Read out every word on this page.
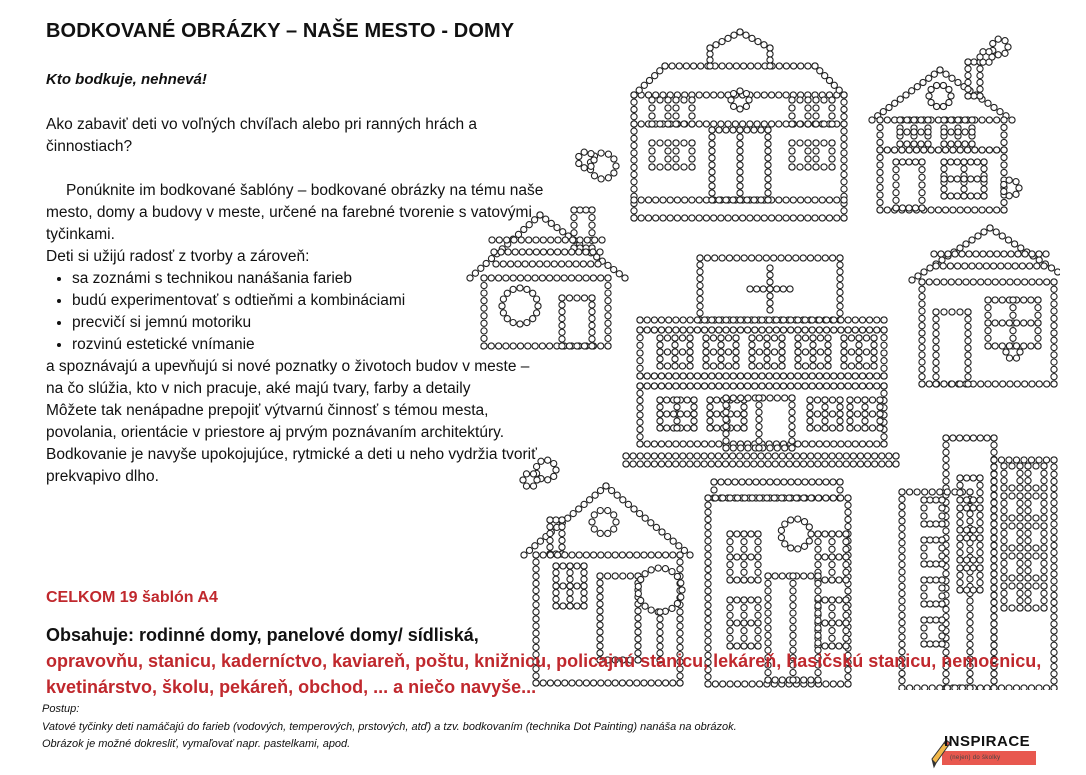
BODKOVANÉ OBRÁZKY – NAŠE MESTO - DOMY
Kto bodkuje, nehnevá!

Ako zabaviť deti vo voľných chvíľach alebo pri ranných hrách a činnostiach?

Ponúknite im bodkované šablóny – bodkované obrázky na tému naše mesto, domy a budovy v meste, určené na farebné tvorenie s vatovými tyčinkami.

Deti si užijú radosť z tvorby a zároveň:

• sa zoznámi s technikou nanášania farieb
• budú experimentovať s odtieňmi a kombináciami
• precvičí si jemnú motoriku
• rozvinú estetické vnímanie

a spoznávajú a upevňujú si nové poznatky o životoch budov v meste – na čo slúžia, kto v nich pracuje, aké majú tvary, farby a detaily

Môžete tak nenápadne prepojiť výtvarnú činnosť s témou mesta, povolania, orientácie v priestore aj prvým poznávaním architektúry.

Bodkovanie je navyše upokojujúce, rytmické a deti u neho vydržia tvoriť prekvapivo dlho.

CELKOM 19 šablón A4
Obsahuje: rodinné domy, panelové domy/ sídliská,
opravovňu, stanicu, kaderníctvo, kaviareň, poštu, knižnicu, policajnú stanicu, lekáreň, hasičskú stanicu, nemocnicu, kvetinárstvo, školu, pekáreň, obchod, ... a niečo navyše...
Postup:
Vatové tyčinky deti namáčajú do farieb (vodových, temperových, prstových, atď) a tzv. bodkovaním (technika Dot Painting) nanáša na obrázok.
Obrázok je možné dokresliť, vymaľovať napr. pastelkami, apod.	INSPIRACE
(nejen) do školky
